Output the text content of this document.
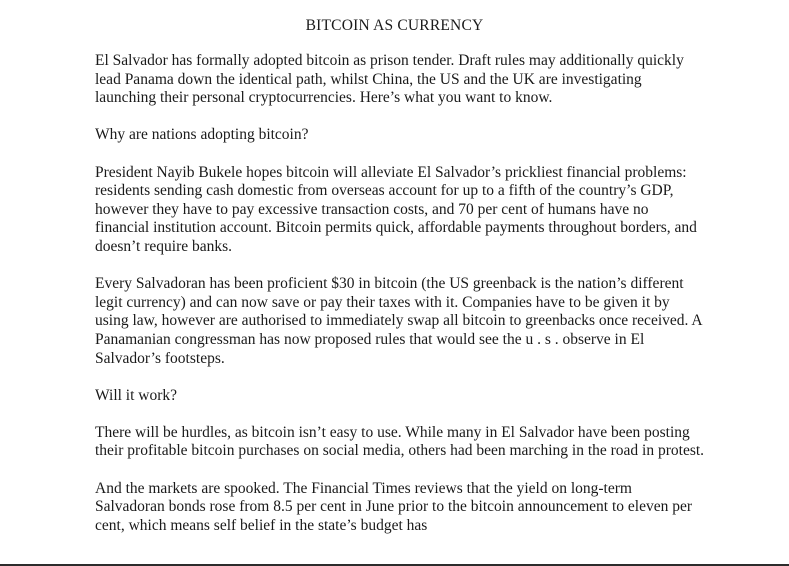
BITCOIN AS CURRENCY

El Salvador has formally adopted bitcoin as prison tender. Draft rules may additionally quickly lead Panama down the identical path, whilst China, the US and the UK are investigating launching their personal cryptocurrencies. Here’s what you want to know.

Why are nations adopting bitcoin?

President Nayib Bukele hopes bitcoin will alleviate El Salvador’s prickliest financial problems: residents sending cash domestic from overseas account for up to a fifth of the country’s GDP, however they have to pay excessive transaction costs, and 70 per cent of humans have no financial institution account. Bitcoin permits quick, affordable payments throughout borders, and doesn’t require banks.

Every Salvadoran has been proficient $30 in bitcoin (the US greenback is the nation’s different legit currency) and can now save or pay their taxes with it. Companies have to be given it by using law, however are authorised to immediately swap all bitcoin to greenbacks once received. A Panamanian congressman has now proposed rules that would see the u . s . observe in El Salvador’s footsteps.

Will it work?

There will be hurdles, as bitcoin isn’t easy to use. While many in El Salvador have been posting their profitable bitcoin purchases on social media, others had been marching in the road in protest.

And the markets are spooked. The Financial Times reviews that the yield on long-term Salvadoran bonds rose from 8.5 per cent in June prior to the bitcoin announcement to eleven per cent, which means self belief in the state’s budget has
